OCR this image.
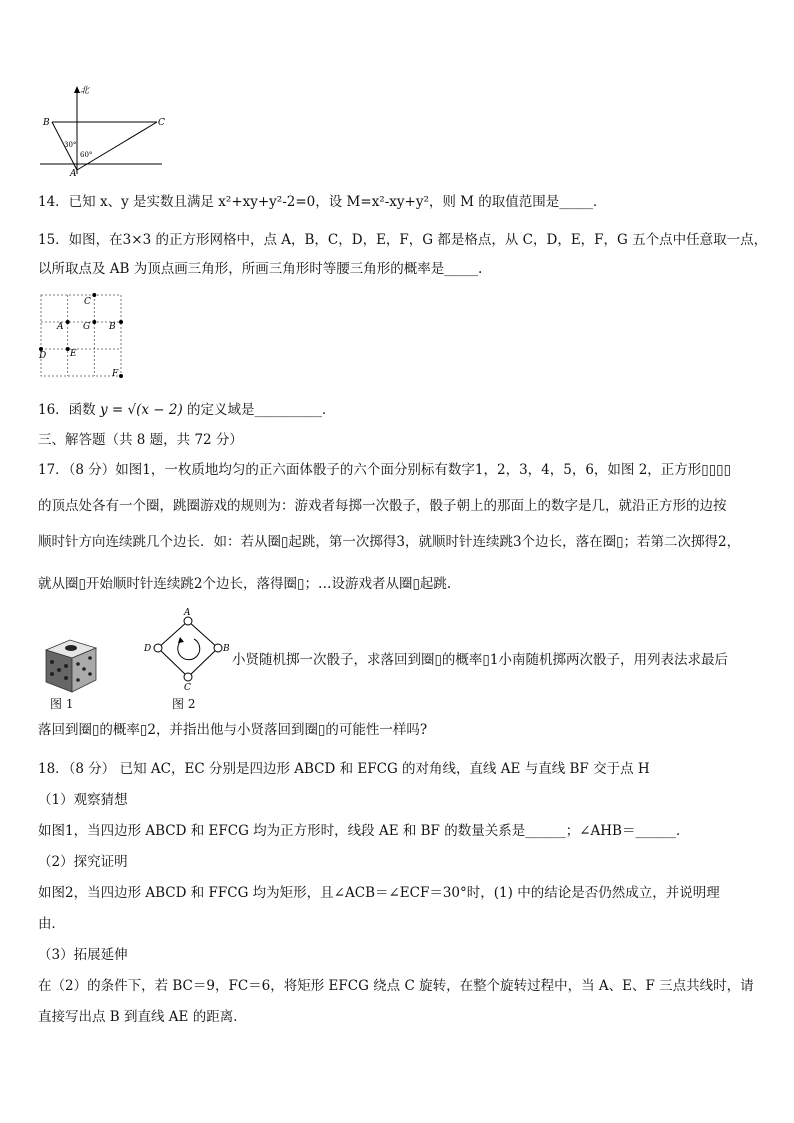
北
B	C
A
30°
60°
14．已知 x、y 是实数且满足 x²+xy+y²-2=0，设 M=x²-xy+y²，则 M 的取值范围是_____．
15．如图，在3×3 的正方形网格中，点 A，B，C，D，E，F，G 都是格点，从 C，D，E，F，G 五个点中任意取一点，
以所取点及 AB 为顶点画三角形，所画三角形时等腰三角形的概率是_____.
C
A G B
D	E
F
16．函数 y = √(x − 2) 的定义域是__________．
三、解答题（共 8 题，共 72 分）
17．（8 分）如图1，一枚质地均匀的正六面体骰子的六个面分别标有数字1，2，3，4，5，6，如图 2，正方形▯▯▯▯
的顶点处各有一个圈，跳圈游戏的规则为：游戏者每掷一次骰子，骰子朝上的那面上的数字是几，就沿正方形的边按
顺时针方向连续跳几个边长．如：若从圈▯起跳，第一次掷得3，就顺时针连续跳3个边长，落在圈▯；若第二次掷得2，
就从圈▯开始顺时针连续跳2个边长，落得圈▯；…设游戏者从圈▯起跳.
图 1
A
B
C
D
图 2
小贤随机掷一次骰子，求落回到圈▯的概率▯1小南随机掷两次骰子，用列表法求最后
落回到圈▯的概率▯2，并指出他与小贤落回到圈▯的可能性一样吗?
18．（8 分） 已知 AC，EC 分别是四边形 ABCD 和 EFCG 的对角线，直线 AE 与直线 BF 交于点 H
（1）观察猜想
如图1，当四边形 ABCD 和 EFCG 均为正方形时，线段 AE 和 BF 的数量关系是______；∠AHB＝______．
（2）探究证明
如图2，当四边形 ABCD 和 FFCG 均为矩形，且∠ACB＝∠ECF＝30°时，(1) 中的结论是否仍然成立，并说明理
由．
（3）拓展延伸
在（2）的条件下，若 BC＝9，FC＝6，将矩形 EFCG 绕点 C 旋转，在整个旋转过程中，当 A、E、F 三点共线时，请
直接写出点 B 到直线 AE 的距离．
